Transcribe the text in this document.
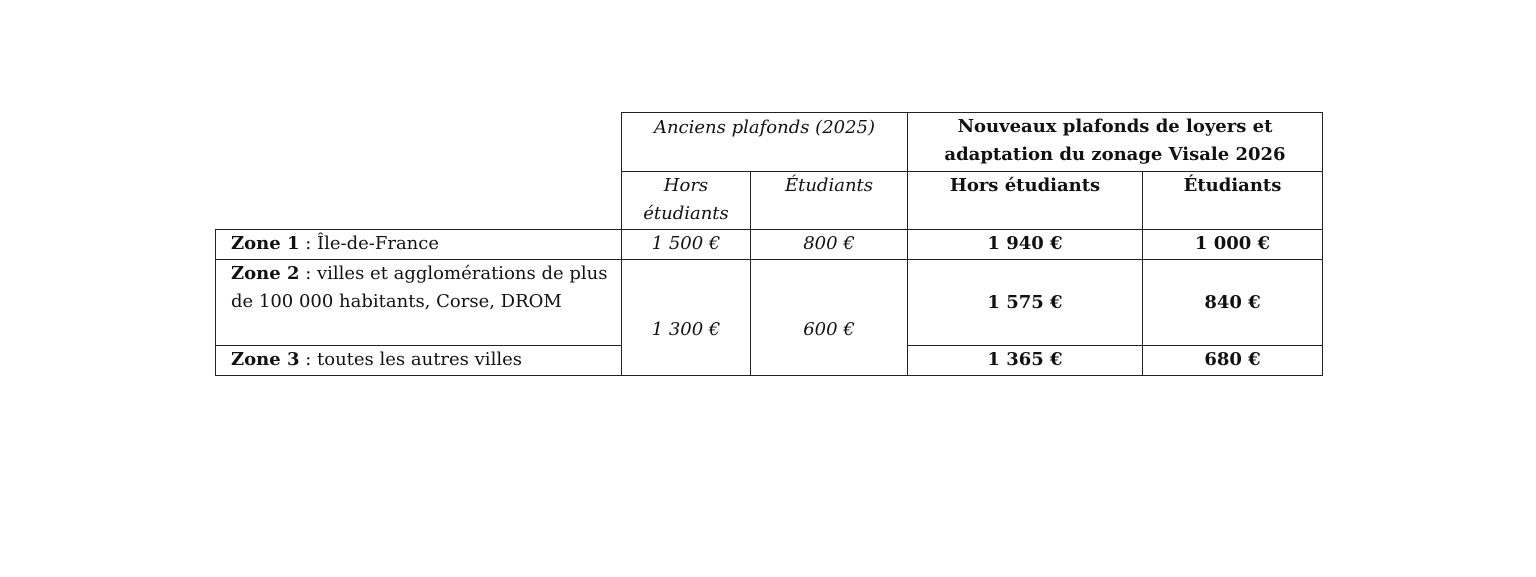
	Anciens plafonds (2025)		Nouveaux plafonds de loyers et adaptation du zonage Visale 2026	
	Hors étudiants	Étudiants	Hors étudiants	Étudiants
Zone 1 : Île-de-France	1 500 €	800 €	1 940 €	1 000 €
Zone 2 : villes et agglomérations de plus de 100 000 habitants, Corse, DROM	1 300 €	600 €	1 575 €	840 €
Zone 3 : toutes les autres villes			1 365 €	680 €
